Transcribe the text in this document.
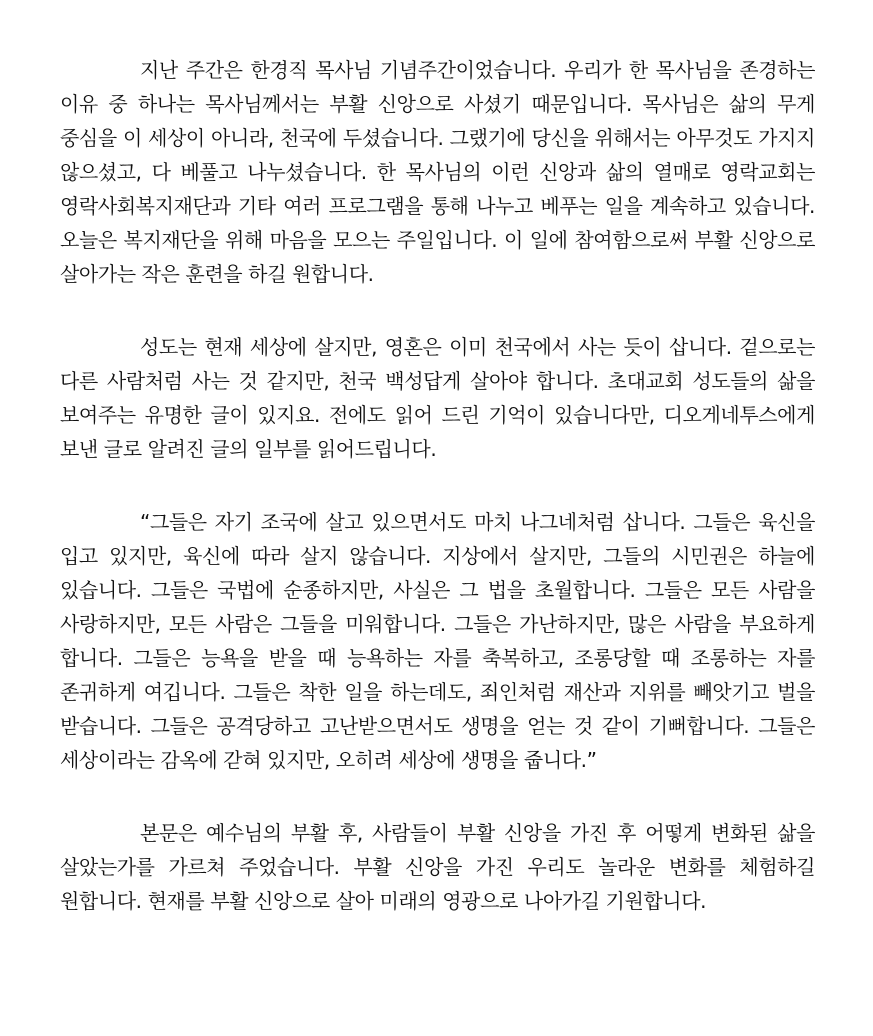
지난 주간은 한경직 목사님 기념주간이었습니다. 우리가 한 목사님을 존경하는 이유 중 하나는 목사님께서는 부활 신앙으로 사셨기 때문입니다. 목사님은 삶의 무게 중심을 이 세상이 아니라, 천국에 두셨습니다. 그랬기에 당신을 위해서는 아무것도 가지지 않으셨고, 다 베풀고 나누셨습니다. 한 목사님의 이런 신앙과 삶의 열매로 영락교회는 영락사회복지재단과 기타 여러 프로그램을 통해 나누고 베푸는 일을 계속하고 있습니다. 오늘은 복지재단을 위해 마음을 모으는 주일입니다. 이 일에 참여함으로써 부활 신앙으로 살아가는 작은 훈련을 하길 원합니다.

성도는 현재 세상에 살지만, 영혼은 이미 천국에서 사는 듯이 삽니다. 겉으로는 다른 사람처럼 사는 것 같지만, 천국 백성답게 살아야 합니다. 초대교회 성도들의 삶을 보여주는 유명한 글이 있지요. 전에도 읽어 드린 기억이 있습니다만, 디오게네투스에게 보낸 글로 알려진 글의 일부를 읽어드립니다.

“그들은 자기 조국에 살고 있으면서도 마치 나그네처럼 삽니다. 그들은 육신을 입고 있지만, 육신에 따라 살지 않습니다. 지상에서 살지만, 그들의 시민권은 하늘에 있습니다. 그들은 국법에 순종하지만, 사실은 그 법을 초월합니다. 그들은 모든 사람을 사랑하지만, 모든 사람은 그들을 미워합니다. 그들은 가난하지만, 많은 사람을 부요하게 합니다. 그들은 능욕을 받을 때 능욕하는 자를 축복하고, 조롱당할 때 조롱하는 자를 존귀하게 여깁니다. 그들은 착한 일을 하는데도, 죄인처럼 재산과 지위를 빼앗기고 벌을 받습니다. 그들은 공격당하고 고난받으면서도 생명을 얻는 것 같이 기뻐합니다. 그들은 세상이라는 감옥에 갇혀 있지만, 오히려 세상에 생명을 줍니다.”

본문은 예수님의 부활 후, 사람들이 부활 신앙을 가진 후 어떻게 변화된 삶을 살았는가를 가르쳐 주었습니다. 부활 신앙을 가진 우리도 놀라운 변화를 체험하길 원합니다. 현재를 부활 신앙으로 살아 미래의 영광으로 나아가길 기원합니다.
